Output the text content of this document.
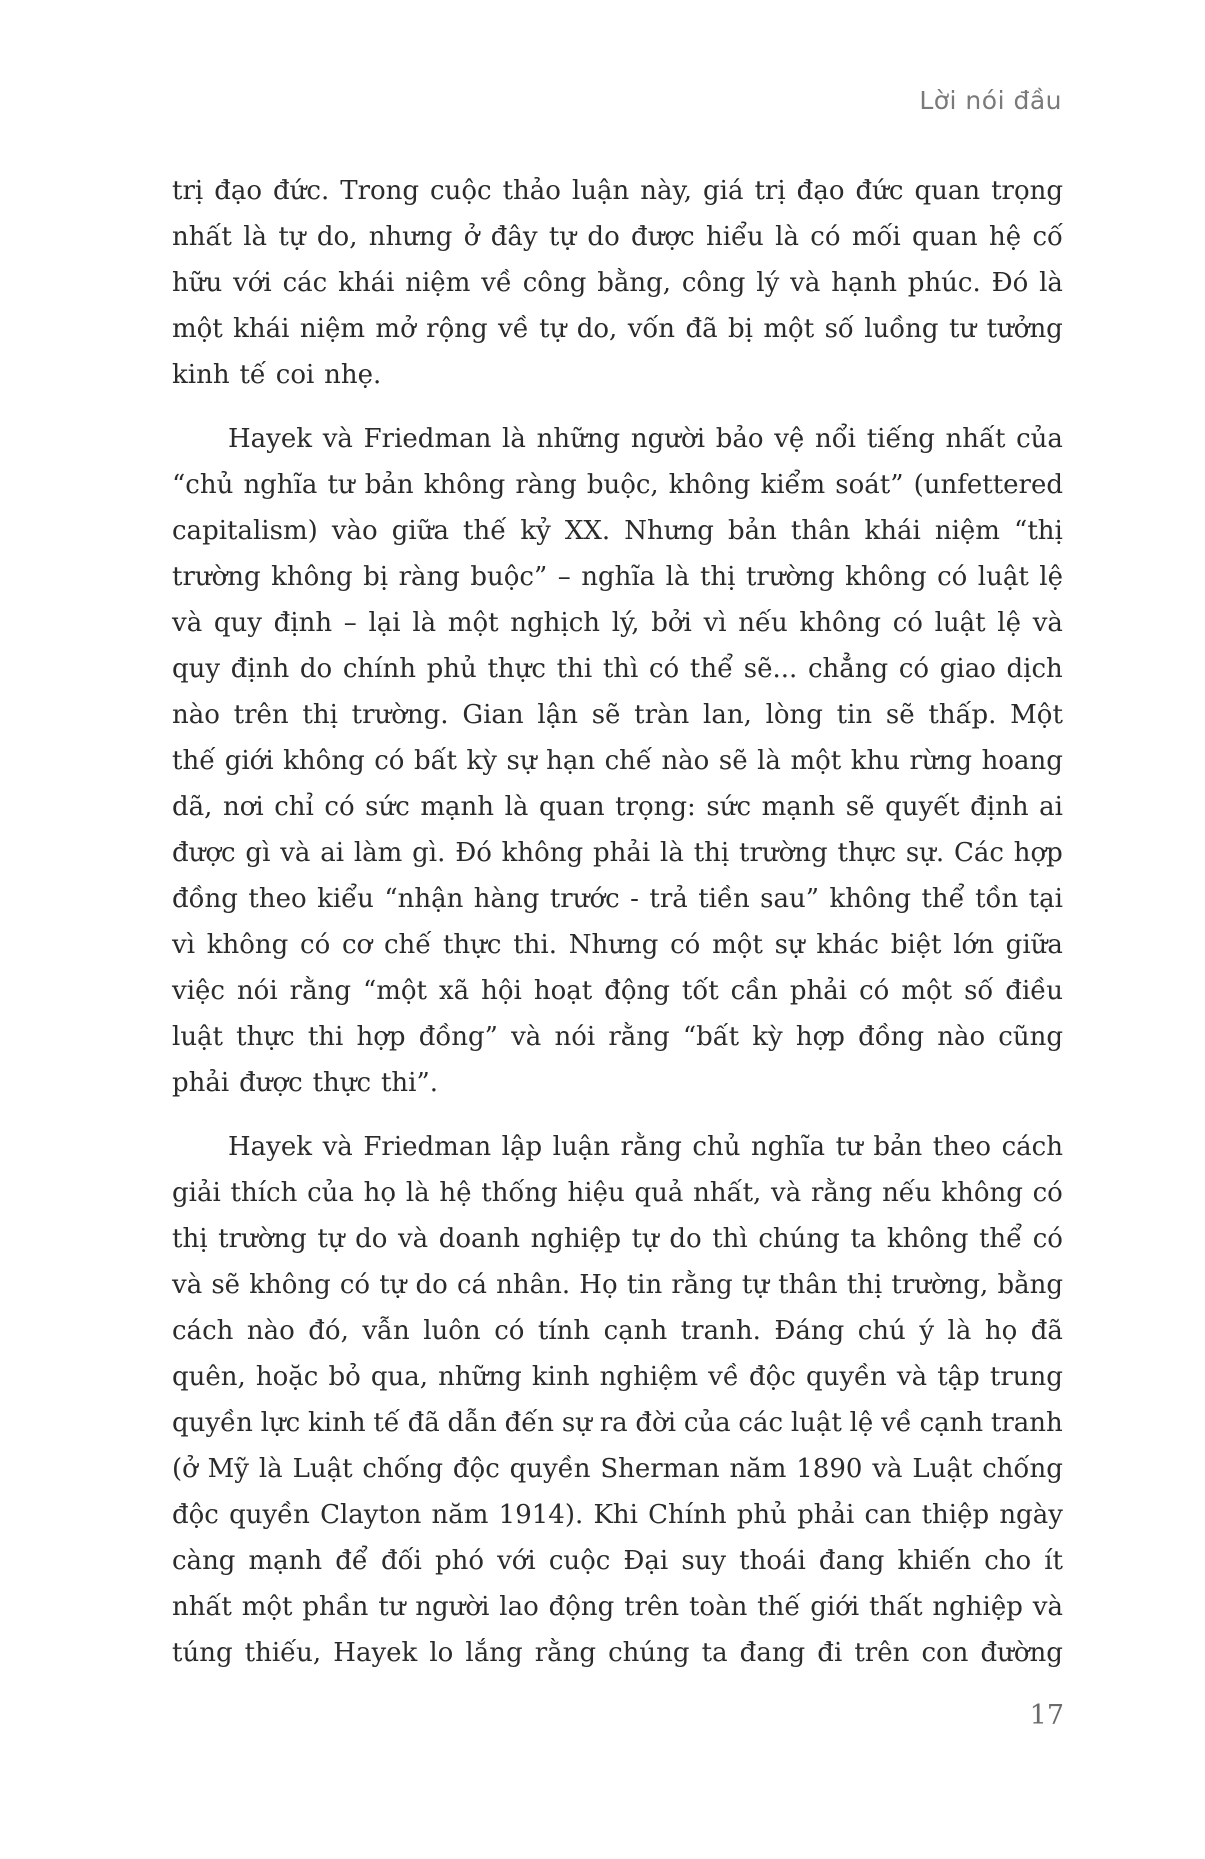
Lời nói đầu
trị đạo đức. Trong cuộc thảo luận này, giá trị đạo đức quan trọng
nhất là tự do, nhưng ở đây tự do được hiểu là có mối quan hệ cố
hữu với các khái niệm về công bằng, công lý và hạnh phúc. Đó là
một khái niệm mở rộng về tự do, vốn đã bị một số luồng tư tưởng
kinh tế coi nhẹ.
Hayek và Friedman là những người bảo vệ nổi tiếng nhất của
“chủ nghĩa tư bản không ràng buộc, không kiểm soát” (unfettered
capitalism) vào giữa thế kỷ XX. Nhưng bản thân khái niệm “thị
trường không bị ràng buộc” – nghĩa là thị trường không có luật lệ
và quy định – lại là một nghịch lý, bởi vì nếu không có luật lệ và
quy định do chính phủ thực thi thì có thể sẽ... chẳng có giao dịch
nào trên thị trường. Gian lận sẽ tràn lan, lòng tin sẽ thấp. Một
thế giới không có bất kỳ sự hạn chế nào sẽ là một khu rừng hoang
dã, nơi chỉ có sức mạnh là quan trọng: sức mạnh sẽ quyết định ai
được gì và ai làm gì. Đó không phải là thị trường thực sự. Các hợp
đồng theo kiểu “nhận hàng trước - trả tiền sau” không thể tồn tại
vì không có cơ chế thực thi. Nhưng có một sự khác biệt lớn giữa
việc nói rằng “một xã hội hoạt động tốt cần phải có một số điều
luật thực thi hợp đồng” và nói rằng “bất kỳ hợp đồng nào cũng
phải được thực thi”.
Hayek và Friedman lập luận rằng chủ nghĩa tư bản theo cách
giải thích của họ là hệ thống hiệu quả nhất, và rằng nếu không có
thị trường tự do và doanh nghiệp tự do thì chúng ta không thể có
và sẽ không có tự do cá nhân. Họ tin rằng tự thân thị trường, bằng
cách nào đó, vẫn luôn có tính cạnh tranh. Đáng chú ý là họ đã
quên, hoặc bỏ qua, những kinh nghiệm về độc quyền và tập trung
quyền lực kinh tế đã dẫn đến sự ra đời của các luật lệ về cạnh tranh
(ở Mỹ là Luật chống độc quyền Sherman năm 1890 và Luật chống
độc quyền Clayton năm 1914). Khi Chính phủ phải can thiệp ngày
càng mạnh để đối phó với cuộc Đại suy thoái đang khiến cho ít
nhất một phần tư người lao động trên toàn thế giới thất nghiệp và
túng thiếu, Hayek lo lắng rằng chúng ta đang đi trên con đường
17
